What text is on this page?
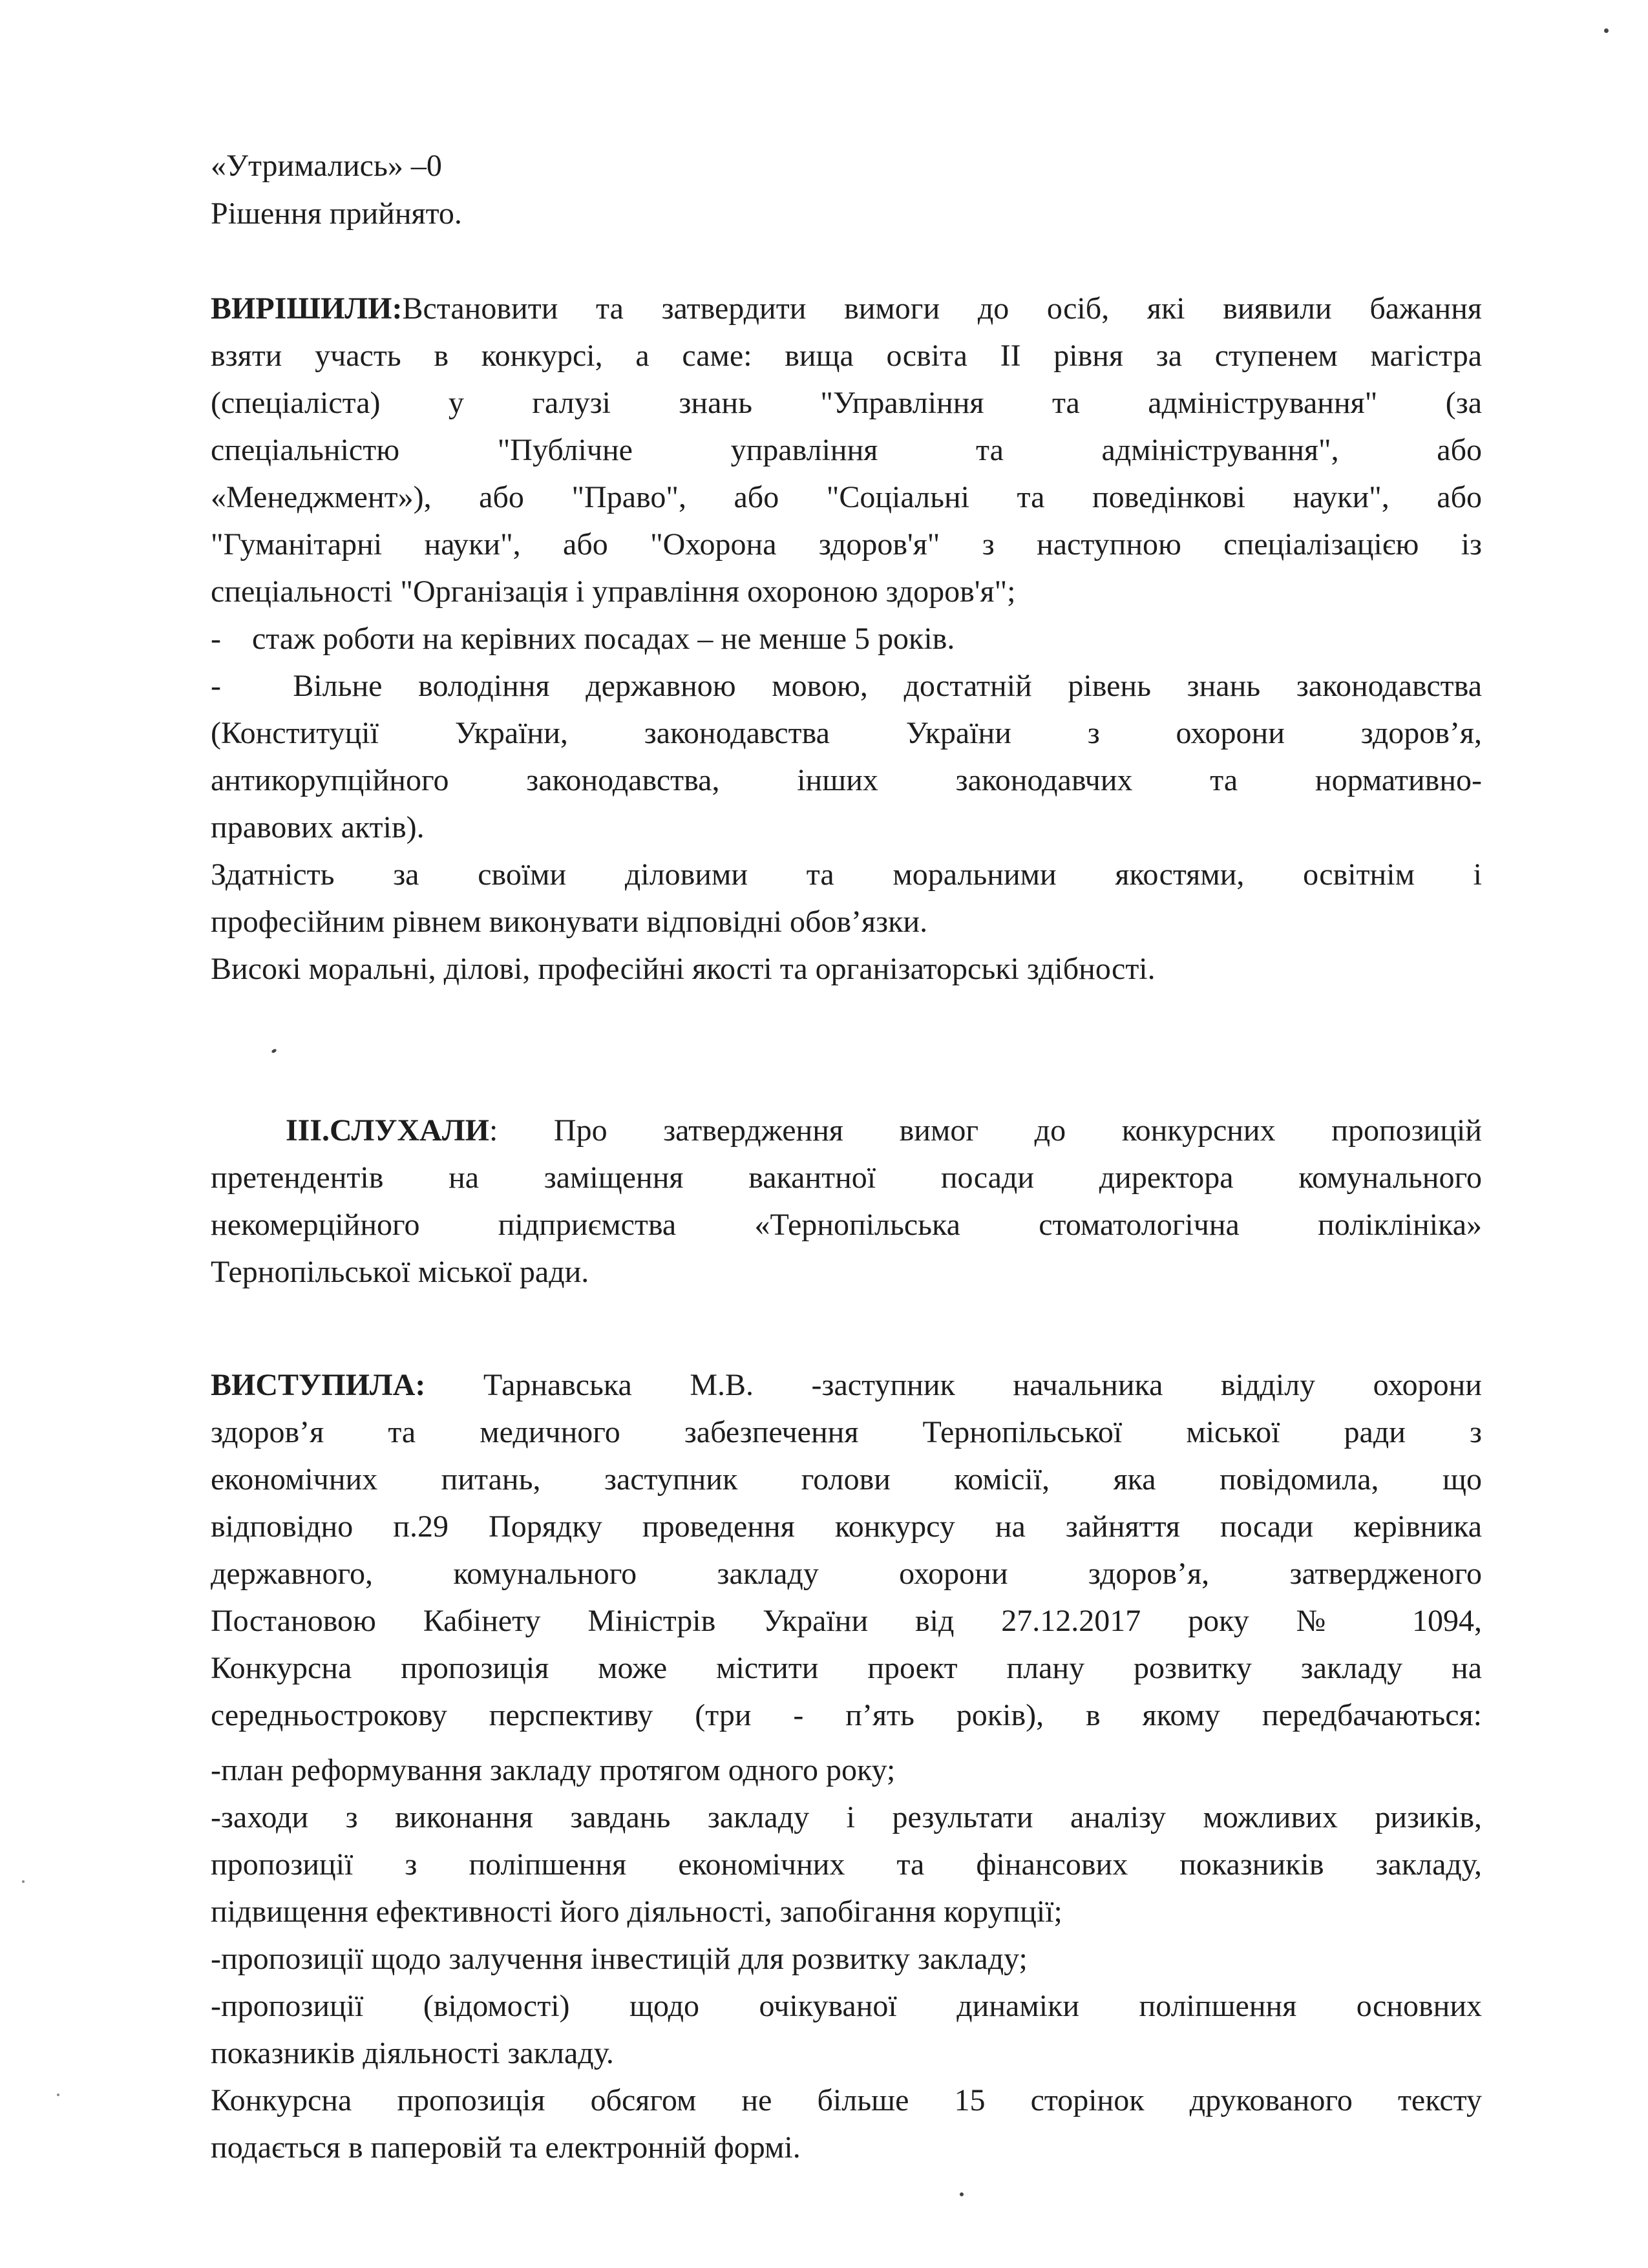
«Утримались» –0
Рішення прийнято.
ВИРІШИЛИ:Встановити та затвердити вимоги до осіб, які виявили бажання
взяти участь в конкурсі, а саме: вища освіта ІІ рівня за ступенем магістра
(спеціаліста) у галузі знань "Управління та адміністрування" (за
спеціальністю "Публічне управління та адміністрування", або
«Менеджмент»), або "Право", або "Соціальні та поведінкові науки", або
"Гуманітарні науки", або "Охорона здоров'я" з наступною спеціалізацією із
спеціальності "Організація і управління охороною здоров'я";
-    стаж роботи на керівних посадах – не менше 5 років.
-  Вільне володіння державною мовою, достатній рівень знань законодавства
(Конституції України, законодавства України з охорони здоров’я,
антикорупційного законодавства, інших законодавчих та нормативно-
правових актів).
Здатність за своїми діловими та моральними якостями, освітнім і
професійним рівнем виконувати відповідні обов’язки.
Високі моральні, ділові, професійні якості та організаторські здібності.
ІІІ.СЛУХАЛИ: Про затвердження вимог до конкурсних пропозицій
претендентів на заміщення вакантної посади директора комунального
некомерційного підприємства «Тернопільська стоматологічна поліклініка»
Тернопільської міської ради.
ВИСТУПИЛА: Тарнавська М.В. -заступник начальника відділу охорони
здоров’я та медичного забезпечення Тернопільської міської ради з
економічних питань, заступник голови комісії, яка повідомила, що
відповідно п.29 Порядку проведення конкурсу на зайняття посади керівника
державного, комунального закладу охорони здоров’я, затвердженого
Постановою Кабінету Міністрів України від 27.12.2017 року № 1094,
Конкурсна пропозиція може містити проект плану розвитку закладу на
середньострокову перспективу (три - п’ять років), в якому передбачаються:
-план реформування закладу протягом одного року;
-заходи з виконання завдань закладу і результати аналізу можливих ризиків,
пропозиції з поліпшення економічних та фінансових показників закладу,
підвищення ефективності його діяльності, запобігання корупції;
-пропозиції щодо залучення інвестицій для розвитку закладу;
-пропозиції (відомості) щодо очікуваної динаміки поліпшення основних
показників діяльності закладу.
Конкурсна пропозиція обсягом не більше 15 сторінок друкованого тексту
подається в паперовій та електронній формі.
